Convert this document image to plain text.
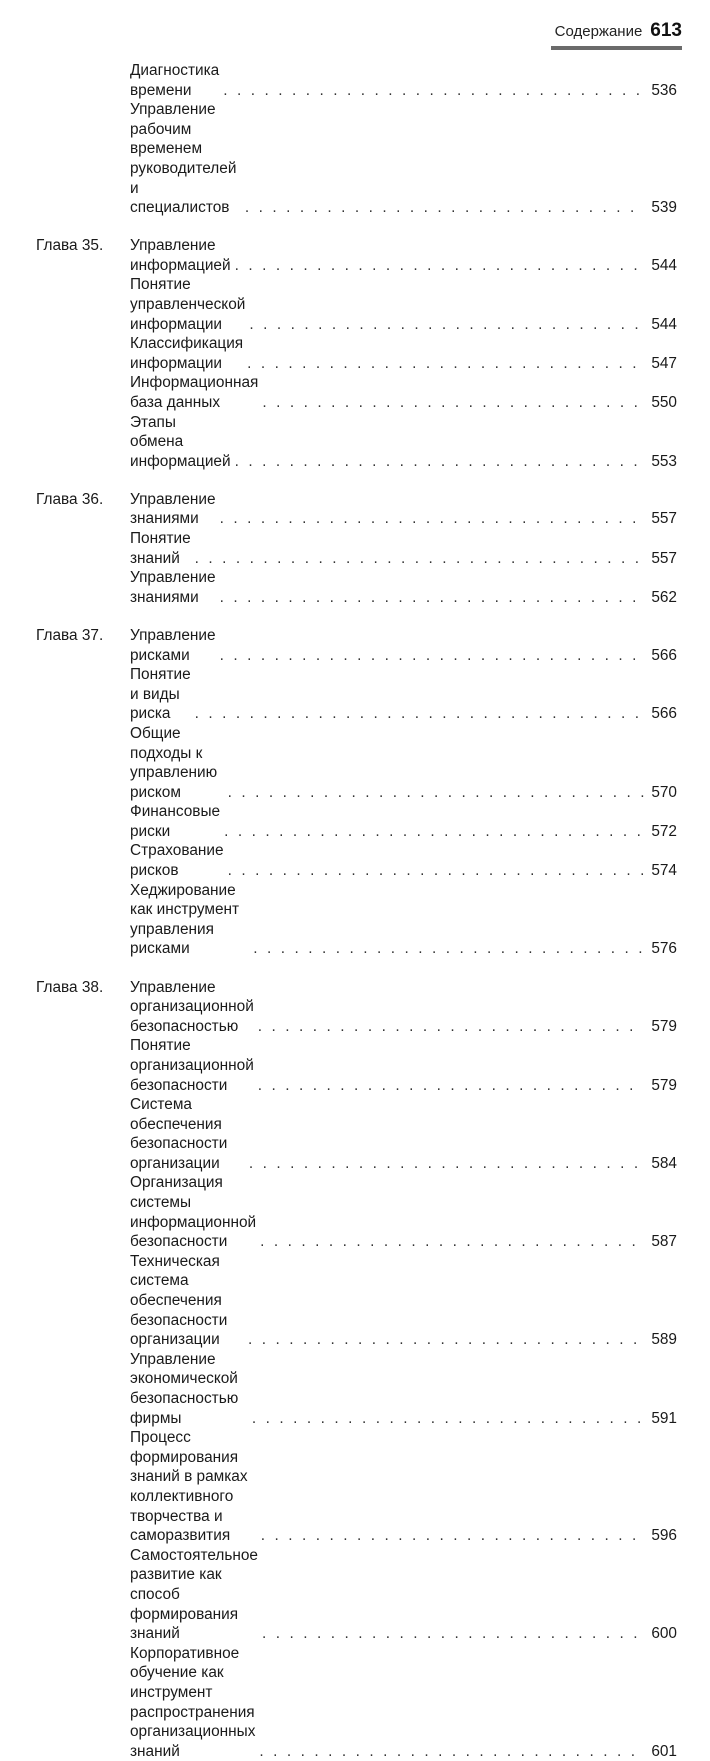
Содержание 613
Диагностика времени . . .	536
Управление рабочим временем руководителей
и специалистов . . .	539
Глава 35.	Управление информацией . . .	544
Понятие управленческой информации . . .	544
Классификация информации . . .	547
Информационная база данных . . .	550
Этапы обмена информацией . . .	553
Глава 36.	Управление знаниями . . .	557
Понятие знаний . . .	557
Управление знаниями . . .	562
Глава 37.	Управление рисками . . .	566
Понятие и виды риска . . .	566
Общие подходы к управлению риском . . .	570
Финансовые риски . . .	572
Страхование рисков . . .	574
Хеджирование как инструмент управления рисками . . .	576
Глава 38.	Управление организационной безопасностью . . .	579
Понятие организационной безопасности . . .	579
Система обеспечения безопасности организации . . .	584
Организация системы информационной безопасности . . .	587
Техническая система обеспечения безопасности
организации . . .	589
Управление экономической безопасностью фирмы . . .	591
Процесс формирования знаний в рамках коллективного
творчества и саморазвития . . .	596
Самостоятельное развитие как способ формирования
знаний . . .	600
Корпоративное обучение как инструмент
распространения организационных знаний . . .	601
